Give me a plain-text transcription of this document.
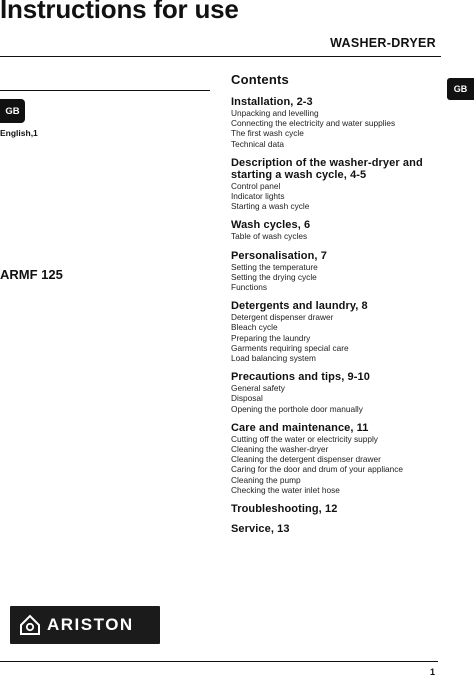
Instructions for use
WASHER-DRYER
GB
GB
English,1
ARMF 125
Contents
Installation, 2-3
Unpacking and levelling
Connecting the electricity and water supplies
The first wash cycle
Technical data
Description of the washer-dryer and starting a wash cycle, 4-5
Control panel
Indicator lights
Starting a wash cycle
Wash cycles, 6
Table of wash cycles
Personalisation, 7
Setting the temperature
Setting the drying cycle
Functions
Detergents and laundry, 8
Detergent dispenser drawer
Bleach cycle
Preparing the laundry
Garments requiring special care
Load balancing system
Precautions and tips, 9-10
General safety
Disposal
Opening the porthole door manually
Care and maintenance, 11
Cutting off the water or electricity supply
Cleaning the washer-dryer
Cleaning the detergent dispenser drawer
Caring for the door and drum of your appliance
Cleaning the pump
Checking the water inlet hose
Troubleshooting, 12
Service, 13
ARISTON
1
